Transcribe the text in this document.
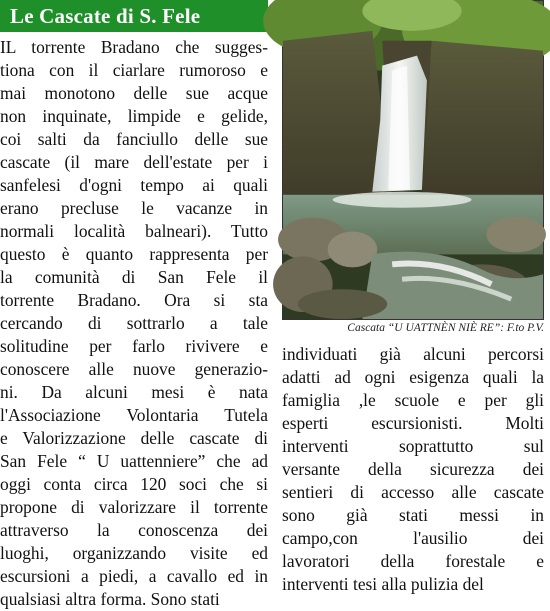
Le Cascate di S. Fele
IL torrente Bradano che sugges-
tiona con il ciarlare rumoroso e
mai monotono delle sue acque
non inquinate, limpide e gelide,
coi salti da fanciullo delle sue
cascate (il mare dell'estate per i
sanfelesi d'ogni tempo ai quali
erano precluse le vacanze in
normali località balneari). Tutto
questo è quanto rappresenta per
la comunità di San Fele il
torrente Bradano. Ora si sta
cercando di sottrarlo a tale
solitudine per farlo rivivere e
conoscere alle nuove generazio-
ni. Da alcuni mesi è nata
l'Associazione Volontaria Tutela
e Valorizzazione delle cascate di
San Fele “ U uattenniere” che ad
oggi conta circa 120 soci che si
propone di valorizzare il torrente
attraverso la conoscenza dei
luoghi, organizzando visite ed
escursioni a piedi, a cavallo ed in
qualsiasi altra forma. Sono stati
Cascata “U UATTNÈN NIÈ RE”: F.to P.V.
individuati già alcuni percorsi
adatti ad ogni esigenza quali la
famiglia ,le scuole e per gli
esperti escursionisti. Molti
interventi soprattutto sul
versante della sicurezza dei
sentieri di accesso alle cascate
sono già stati messi in
campo,con l'ausilio dei
lavoratori della forestale e
interventi tesi alla pulizia del
